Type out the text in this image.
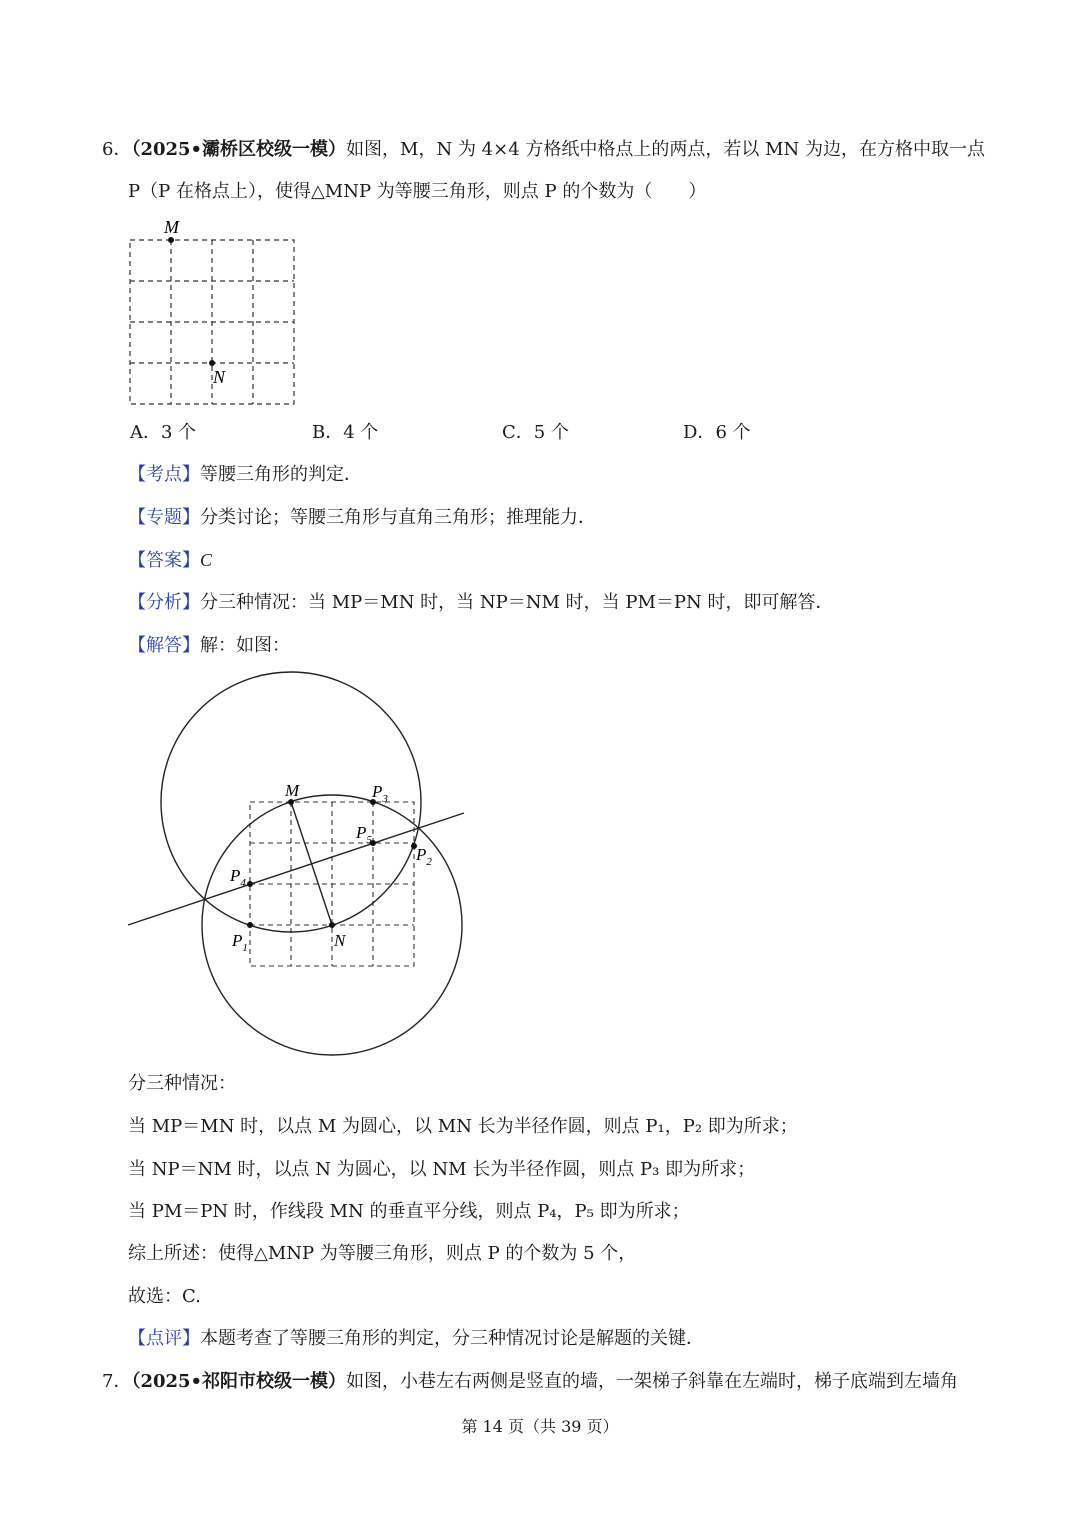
6．（2025•灞桥区校级一模）如图，M，N 为 4×4 方格纸中格点上的两点，若以 MN 为边，在方格中取一点
P（P 在格点上），使得△MNP 为等腰三角形，则点 P 的个数为（　　）
M
N
A．3 个	B．4 个	C．5 个	D．6 个
【考点】等腰三角形的判定．
【专题】分类讨论；等腰三角形与直角三角形；推理能力．
【答案】C
【分析】分三种情况：当 MP＝MN 时，当 NP＝NM 时，当 PM＝PN 时，即可解答．
【解答】解：如图：
M
N
$P_1$
$P_2$
$P_3$
$P_4$
$P_5$
分三种情况：
当 MP＝MN 时，以点 M 为圆心，以 MN 长为半径作圆，则点 P₁，P₂ 即为所求；
当 NP＝NM 时，以点 N 为圆心，以 NM 长为半径作圆，则点 P₃ 即为所求；
当 PM＝PN 时，作线段 MN 的垂直平分线，则点 P₄，P₅ 即为所求；
综上所述：使得△MNP 为等腰三角形，则点 P 的个数为 5 个，
故选：C.
【点评】本题考查了等腰三角形的判定，分三种情况讨论是解题的关键．
7．（2025•祁阳市校级一模）如图，小巷左右两侧是竖直的墙，一架梯子斜靠在左端时，梯子底端到左墙角
第 14 页（共 39 页）
